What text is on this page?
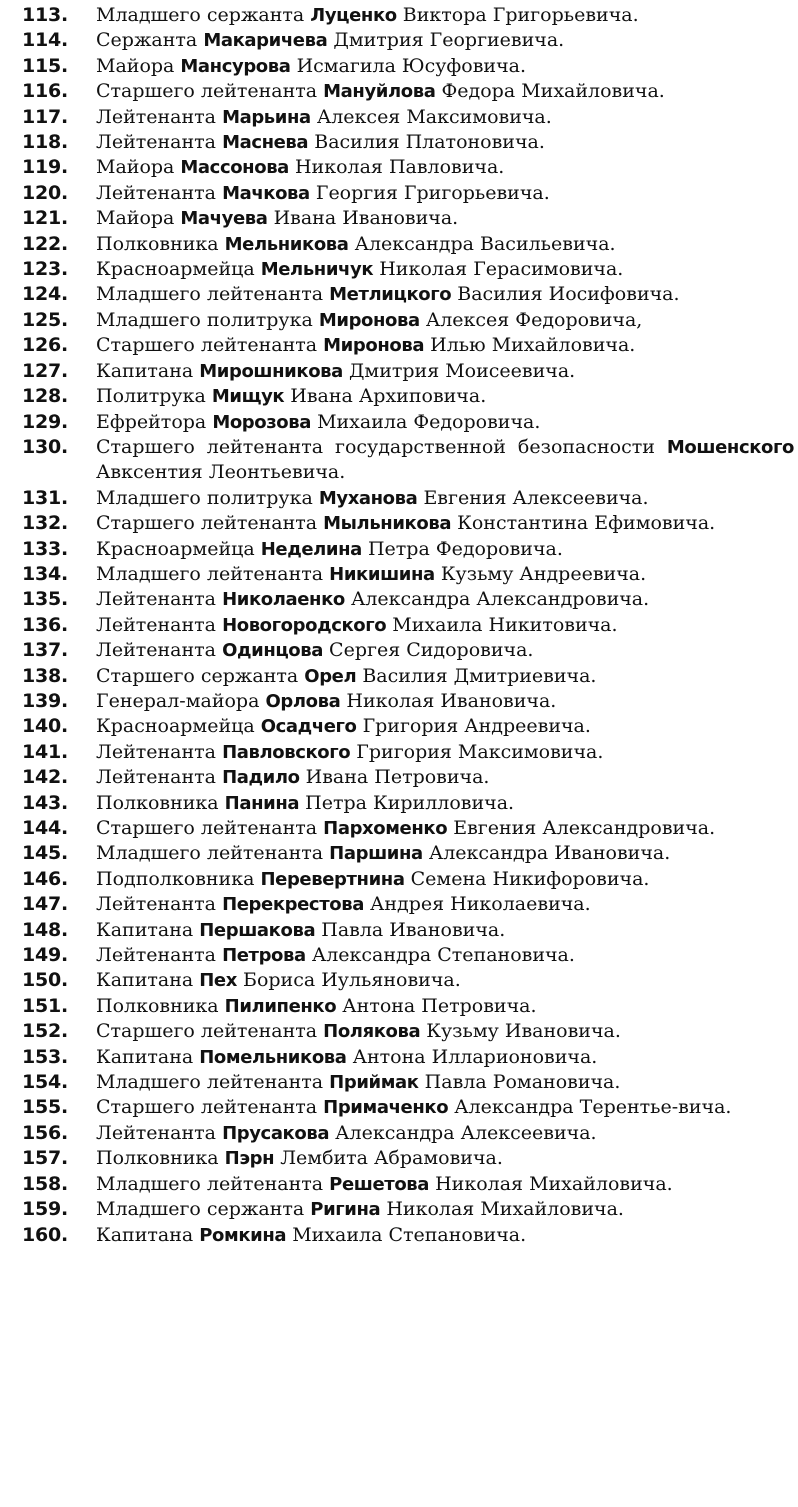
113.	Младшего сержанта Луценко Виктора Григорьевича.
114.	Сержанта Макаричева Дмитрия Георгиевича.
115.	Майора Мансурова Исмагила Юсуфовича.
116.	Старшего лейтенанта Мануйлова Федора Михайловича.
117.	Лейтенанта Марьина Алексея Максимовича.
118.	Лейтенанта Маснева Василия Платоновича.
119.	Майора Массонова Николая Павловича.
120.	Лейтенанта Мачкова Георгия Григорьевича.
121.	Майора Мачуева Ивана Ивановича.
122.	Полковника Мельникова Александра Васильевича.
123.	Красноармейца Мельничук Николая Герасимовича.
124.	Младшего лейтенанта Метлицкого Василия Иосифовича.
125.	Младшего политрука Миронова Алексея Федоровича,
126.	Старшего лейтенанта Миронова Илью Михайловича.
127.	Капитана Мирошникова Дмитрия Моисеевича.
128.	Политрука Мищук Ивана Архиповича.
129.	Ефрейтора Морозова Михаила Федоровича.
130.	Старшего лейтенанта государственной безопасности Мошенского Авксентия Леонтьевича.
131.	Младшего политрука Муханова Евгения Алексеевича.
132.	Старшего лейтенанта Мыльникова Константина Ефимовича.
133.	Красноармейца Неделина Петра Федоровича.
134.	Младшего лейтенанта Никишина Кузьму Андреевича.
135.	Лейтенанта Николаенко Александра Александровича.
136.	Лейтенанта Новогородского Михаила Никитовича.
137.	Лейтенанта Одинцова Сергея Сидоровича.
138.	Старшего сержанта Орел Василия Дмитриевича.
139.	Генерал-майора Орлова Николая Ивановича.
140.	Красноармейца Осадчего Григория Андреевича.
141.	Лейтенанта Павловского Григория Максимовича.
142.	Лейтенанта Падило Ивана Петровича.
143.	Полковника Панина Петра Кирилловича.
144.	Старшего лейтенанта Пархоменко Евгения Александровича.
145.	Младшего лейтенанта Паршина Александра Ивановича.
146.	Подполковника Перевертнина Семена Никифоровича.
147.	Лейтенанта Перекрестова Андрея Николаевича.
148.	Капитана Першакова Павла Ивановича.
149.	Лейтенанта Петрова Александра Степановича.
150.	Капитана Пех Бориса Иульяновича.
151.	Полковника Пилипенко Антона Петровича.
152.	Старшего лейтенанта Полякова Кузьму Ивановича.
153.	Капитана Помельникова Антона Илларионовича.
154.	Младшего лейтенанта Приймак Павла Романовича.
155.	Старшего лейтенанта Примаченко Александра Терентье-вича.
156.	Лейтенанта Прусакова Александра Алексеевича.
157.	Полковника Пэрн Лембита Абрамовича.
158.	Младшего лейтенанта Решетова Николая Михайловича.
159.	Младшего сержанта Ригина Николая Михайловича.
160.	Капитана Ромкина Михаила Степановича.
